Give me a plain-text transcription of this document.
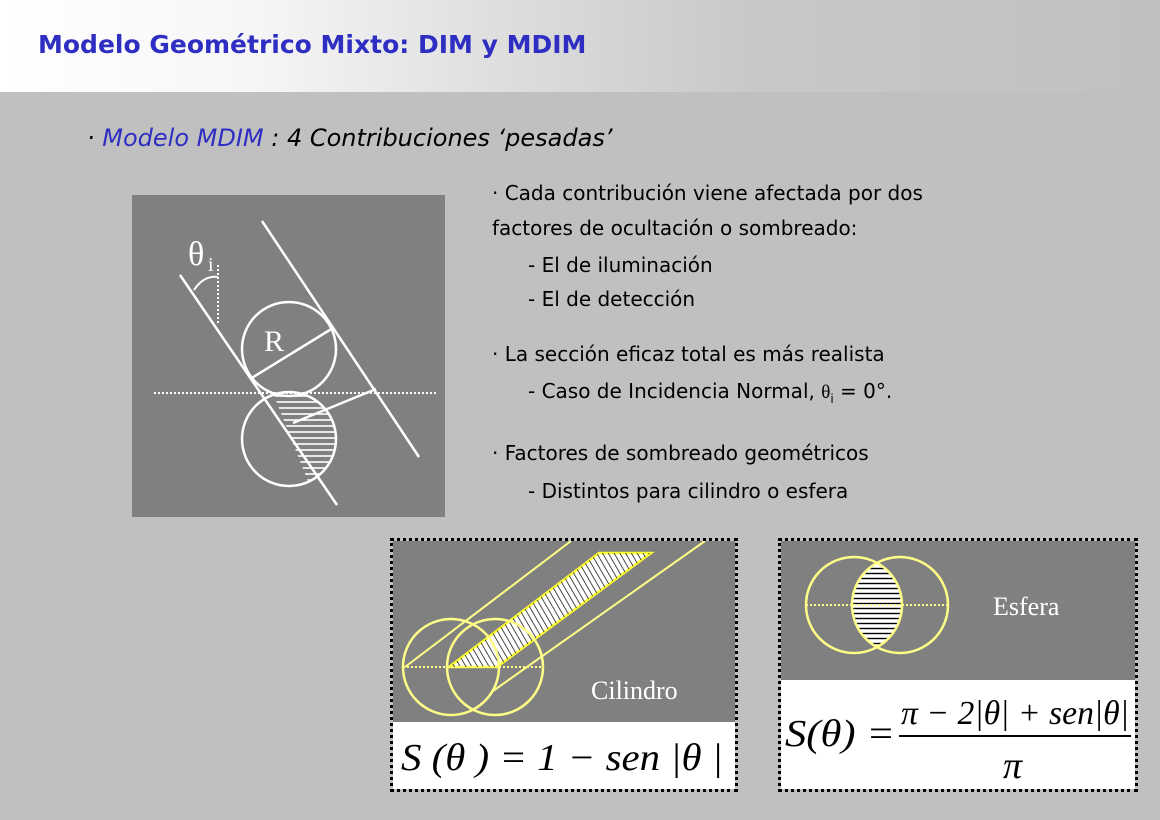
Modelo Geométrico Mixto: DIM y MDIM
· Modelo MDIM : 4 Contribuciones ‘pesadas’
θ i
R
· Cada contribución viene afectada por dos
factores de ocultación o sombreado:
- El de iluminación
- El de detección
· La sección eficaz total es más realista
- Caso de Incidencia Normal, $\theta_i = 0^\circ$.
· Factores de sombreado geométricos
- Distintos para cilindro o esfera
Cilindro
S (θ ) = 1 − sen |θ |
Esfera
S(θ) = π − 2|θ| + sen|θ|
π
